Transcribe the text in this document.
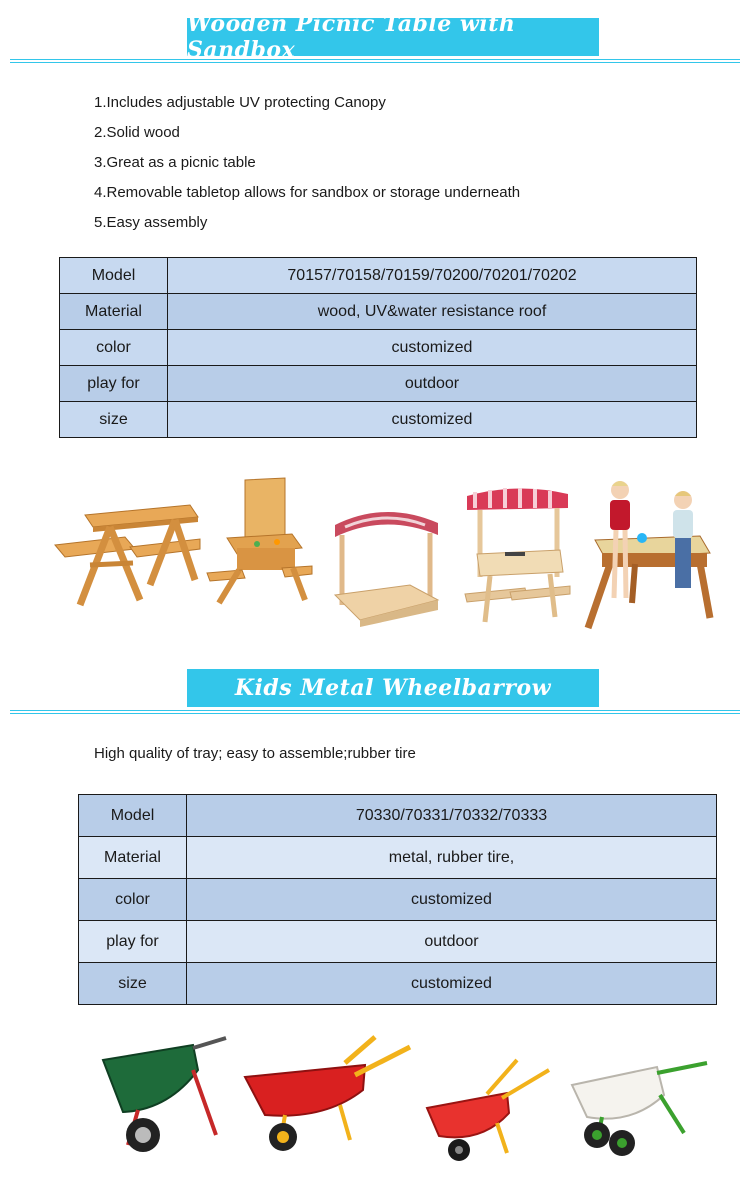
Wooden Picnic Table with Sandbox
1.Includes adjustable UV protecting Canopy
2.Solid wood
3.Great as a picnic table
4.Removable tabletop allows for sandbox or storage underneath
5.Easy assembly
Model	70157/70158/70159/70200/70201/70202
Material	wood, UV&water resistance roof
color	customized
play for	outdoor
size	customized
Kids Metal Wheelbarrow
High quality of tray; easy to assemble;rubber tire
Model	70330/70331/70332/70333
Material	metal, rubber tire,
color	customized
play for	outdoor
size	customized
